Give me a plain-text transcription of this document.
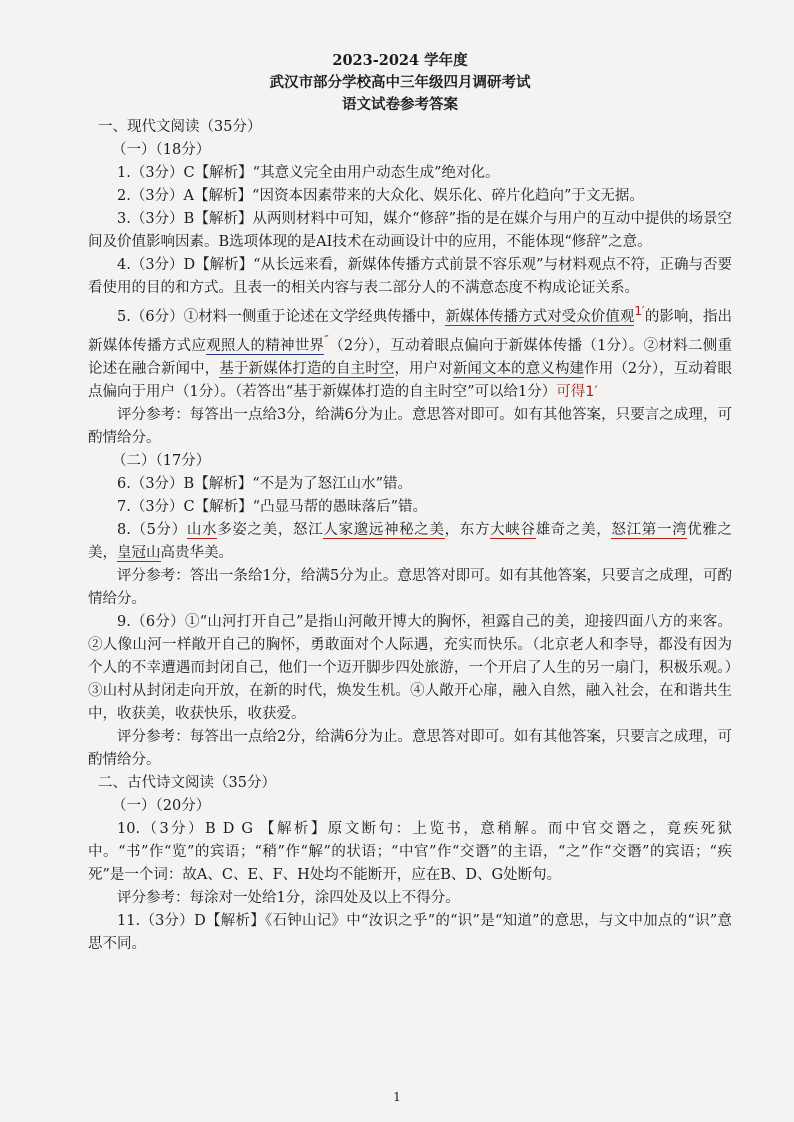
2023-2024 学年度
武汉市部分学校高中三年级四月调研考试
语文试卷参考答案
一、现代文阅读（35分）
（一）（18分）
1.（3分）C【解析】“其意义完全由用户动态生成”绝对化。
2.（3分）A【解析】“因资本因素带来的大众化、娱乐化、碎片化趋向”于文无据。
3.（3分）B【解析】从两则材料中可知，媒介“修辞”指的是在媒介与用户的互动中提供的场景空间及价值影响因素。B选项体现的是AI技术在动画设计中的应用，不能体现“修辞”之意。
4.（3分）D【解析】“从长远来看，新媒体传播方式前景不容乐观”与材料观点不符，正确与否要看使用的目的和方式。且表一的相关内容与表二部分人的不满意态度不构成论证关系。
5.（6分）①材料一侧重于论述在文学经典传播中，新媒体传播方式对受众价值观$^{1'}$的影响，指出新媒体传播方式应观照人的精神世界″（2分），互动着眼点偏向于新媒体传播（1分）。②材料二侧重论述在融合新闻中，基于新媒体打造的自主时空，用户对新闻文本的意义构建作用（2分），互动着眼点偏向于用户（1分）。（若答出“基于新媒体打造的自主时空”可以给1分）可得1′
评分参考：每答出一点给3分，给满6分为止。意思答对即可。如有其他答案，只要言之成理，可酌情给分。
（二）（17分）
6.（3分）B【解析】“不是为了怒江山水”错。
7.（3分）C【解析】“凸显马帮的愚昧落后”错。
8.（5分）山水多姿之美，怒江人家邈远神秘之美，东方大峡谷雄奇之美，怒江第一湾优雅之美，皇冠山高贵华美。
评分参考：答出一条给1分，给满5分为止。意思答对即可。如有其他答案，只要言之成理，可酌情给分。
9.（6分）①“山河打开自己”是指山河敞开博大的胸怀，袒露自己的美，迎接四面八方的来客。②人像山河一样敞开自己的胸怀，勇敢面对个人际遇，充实而快乐。（北京老人和李导，都没有因为个人的不幸遭遇而封闭自己，他们一个迈开脚步四处旅游，一个开启了人生的另一扇门，积极乐观。）③山村从封闭走向开放，在新的时代，焕发生机。④人敞开心扉，融入自然，融入社会，在和谐共生中，收获美，收获快乐，收获爱。
评分参考：每答出一点给2分，给满6分为止。意思答对即可。如有其他答案，只要言之成理，可酌情给分。
二、古代诗文阅读（35分）
（一）（20分）
10.（3分）B D G 【解析】原文断句：上览书，意稍解。而中官交谮之，竟疾死狱中。“书”作“览”的宾语；“稍”作“解”的状语；“中官”作“交谮”的主语，“之”作“交谮”的宾语；“疾死”是一个词：故A、C、E、F、H处均不能断开，应在B、D、G处断句。
评分参考：每涂对一处给1分，涂四处及以上不得分。
11.（3分）D【解析】《石钟山记》中“汝识之乎”的“识”是“知道”的意思，与文中加点的“识”意思不同。
1
